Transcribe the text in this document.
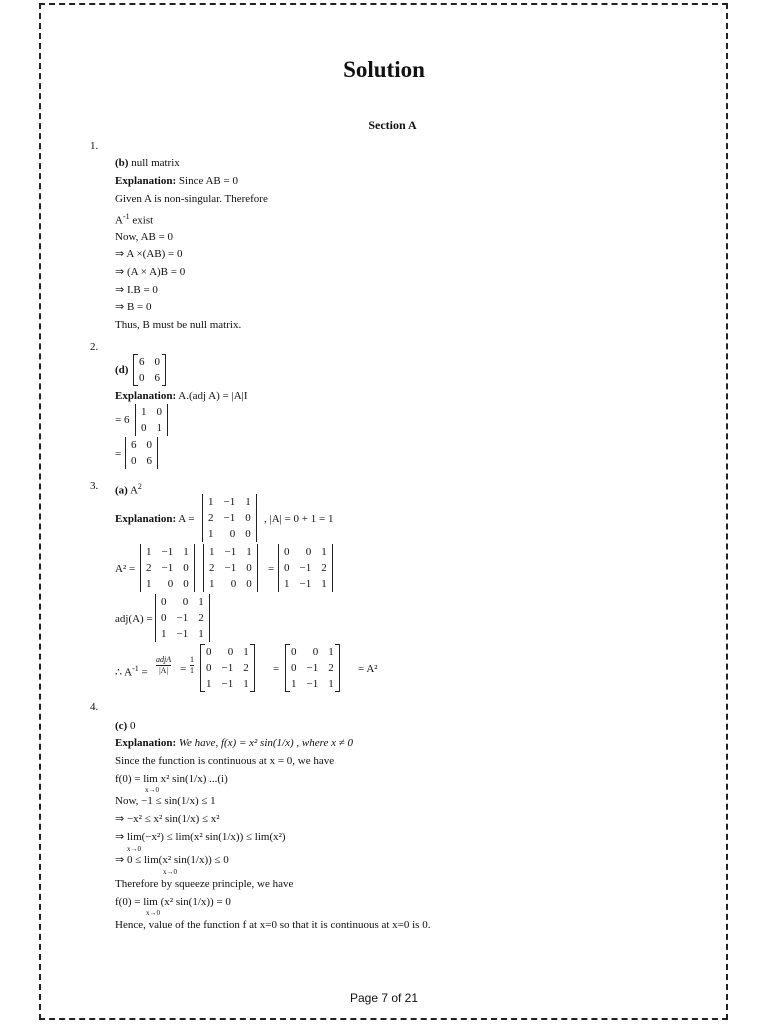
Solution
Section A
1.
(b) null matrix
Explanation: Since AB = 0
Given A is non-singular. Therefore
$A^{-1}$ exist
Now, AB = 0
⇒ A ×(AB) = 0
⇒ (A × A)B = 0
⇒ I.B = 0
⇒ B = 0
Thus, B must be null matrix.
2.
(d)
6	0
0	6

Explanation: A.(adj A) = |A|I
= 6
1	0
0	1
=
6	0
0	6
3. (a) $A^2$
Explanation: A =
1	−1	1
2	−1	0
1	0	0
, |A| = 0 + 1 = 1
A² =
1	−1	1
2	−1	0
1	0	0
1	−1	1
2	−1	0
1	0	0
=
0	0	1
0	−1	2
1	−1	1
adj(A) =
0	0	1
0	−1	2
1	−1	1
∴ $A^{-1}$ =
adjA
|A| =
1
1
0	0	1
0	−1	2
1	−1	1

=
0	0	1
0	−1	2
1	−1	1

= A²
4.
(c) 0
Explanation: We have, f(x) = x² sin(1/x) , where x ≠ 0
Since the function is continuous at x = 0, we have
f(0) = lim x² sin(1/x) ...(i)
x→0
Now, −1 ≤ sin(1/x) ≤ 1
⇒ −x² ≤ x² sin(1/x) ≤ x²
⇒ lim(−x²) ≤ lim(x² sin(1/x)) ≤ lim(x²)
x→0
⇒ 0 ≤ lim(x² sin(1/x)) ≤ 0
x→0
Therefore by squeeze principle, we have
f(0) = lim (x² sin(1/x)) = 0
x→0
Hence, value of the function f at x=0 so that it is continuous at x=0 is 0.
Page 7 of 21
